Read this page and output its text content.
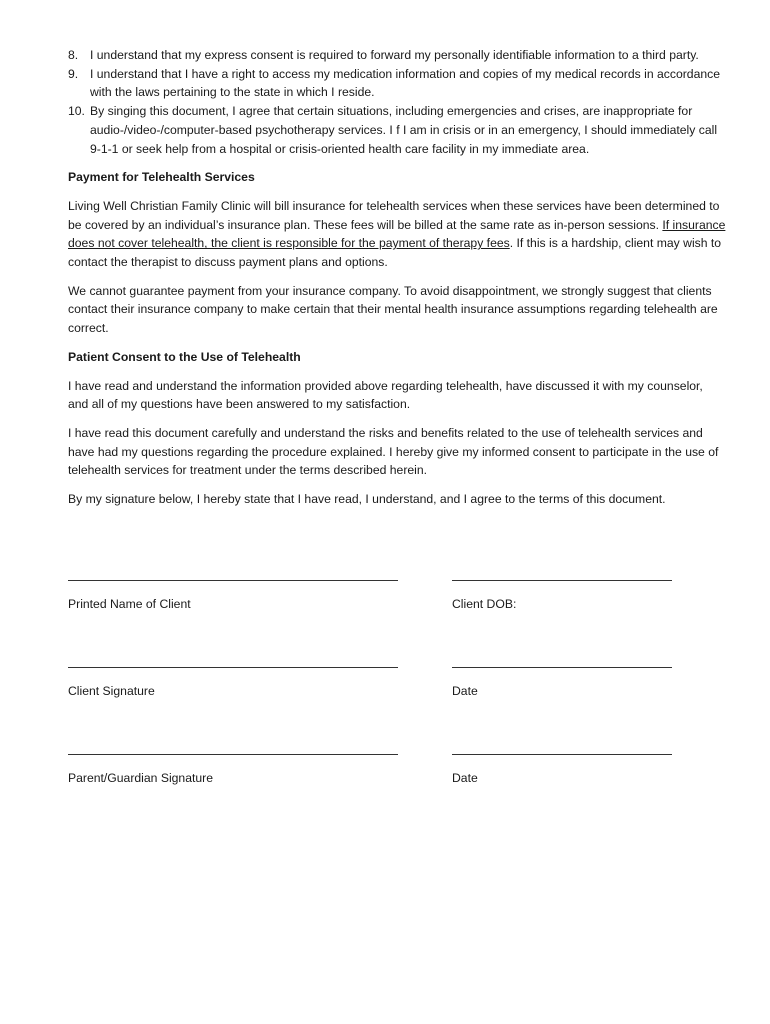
8. I understand that my express consent is required to forward my personally identifiable information to a third party.
9. I understand that I have a right to access my medication information and copies of my medical records in accordance with the laws pertaining to the state in which I reside.
10. By singing this document, I agree that certain situations, including emergencies and crises, are inappropriate for audio-/video-/computer-based psychotherapy services. I f I am in crisis or in an emergency, I should immediately call 9-1-1 or seek help from a hospital or crisis-oriented health care facility in my immediate area.
Payment for Telehealth Services

Living Well Christian Family Clinic will bill insurance for telehealth services when these services have been determined to be covered by an individual’s insurance plan. These fees will be billed at the same rate as in-person sessions. If insurance does not cover telehealth, the client is responsible for the payment of therapy fees. If this is a hardship, client may wish to contact the therapist to discuss payment plans and options.

We cannot guarantee payment from your insurance company. To avoid disappointment, we strongly suggest that clients contact their insurance company to make certain that their mental health insurance assumptions regarding telehealth are correct.

Patient Consent to the Use of Telehealth

I have read and understand the information provided above regarding telehealth, have discussed it with my counselor, and all of my questions have been answered to my satisfaction.

I have read this document carefully and understand the risks and benefits related to the use of telehealth services and have had my questions regarding the procedure explained. I hereby give my informed consent to participate in the use of telehealth services for treatment under the terms described herein.

By my signature below, I hereby state that I have read, I understand, and I agree to the terms of this document.

Printed Name of Client	Client DOB:
Client Signature	Date
Parent/Guardian Signature	Date
